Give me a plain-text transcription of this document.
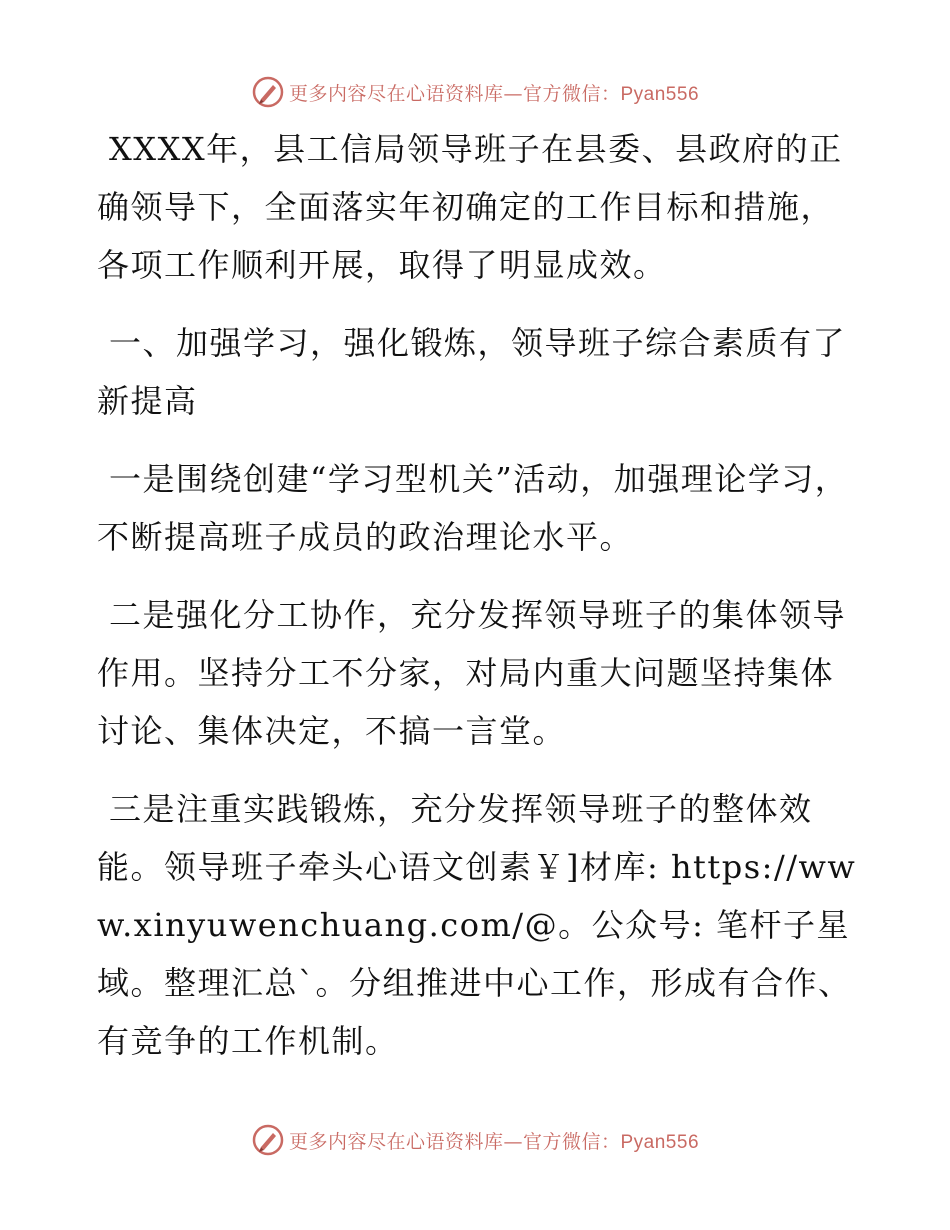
更多内容尽在心语资料库—官方微信：Pyan556

XXXX年，县工信局领导班子在县委、县政府的正确领导下，全面落实年初确定的工作目标和措施，各项工作顺利开展，取得了明显成效。

一、加强学习，强化锻炼，领导班子综合素质有了新提高

一是围绕创建“学习型机关”活动，加强理论学习，不断提高班子成员的政治理论水平。

二是强化分工协作，充分发挥领导班子的集体领导作用。坚持分工不分家，对局内重大问题坚持集体讨论、集体决定，不搞一言堂。

三是注重实践锻炼，充分发挥领导班子的整体效能。领导班子牵头心语文创素￥]材库: https://www.xinyuwenchuang.com/@。公众号: 笔杆子星域。整理汇总`。分组推进中心工作，形成有合作、有竞争的工作机制。

更多内容尽在心语资料库—官方微信：Pyan556
